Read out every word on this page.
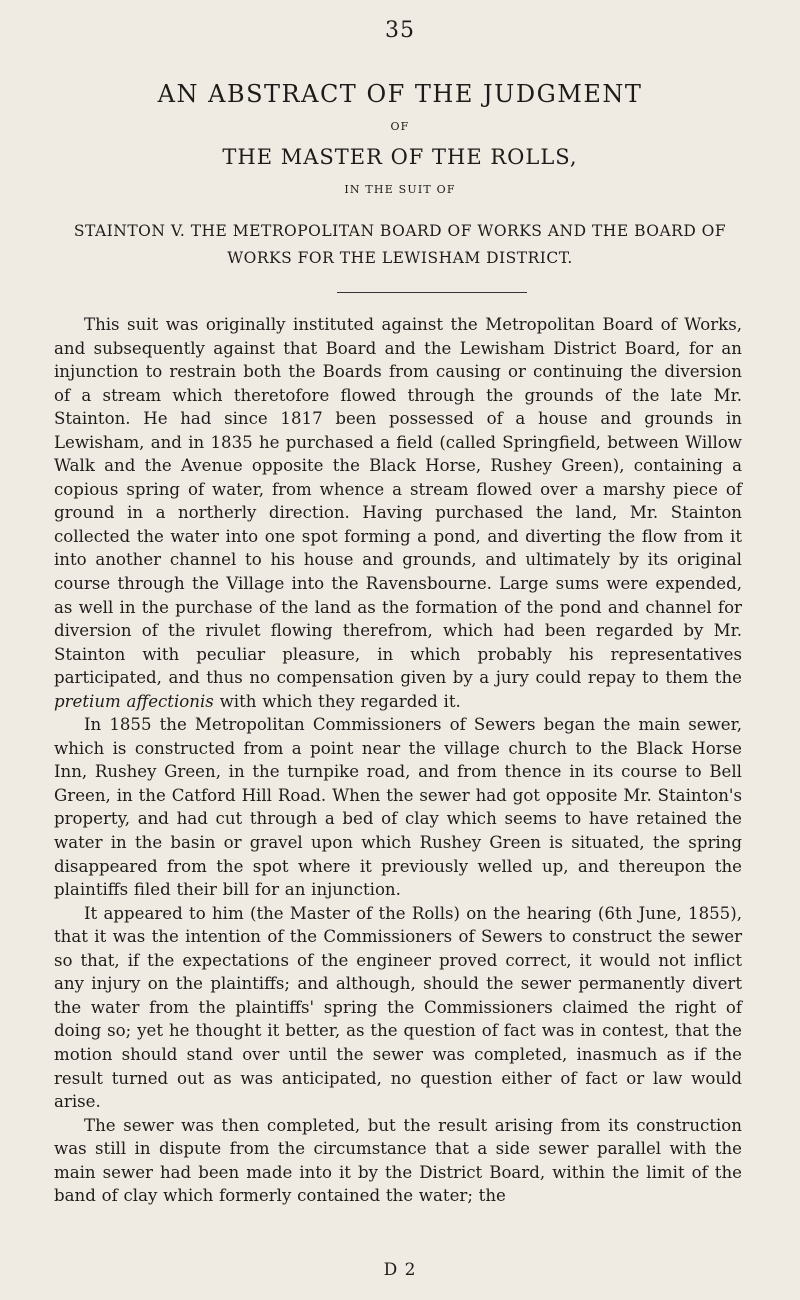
35
AN ABSTRACT OF THE JUDGMENT
OF
THE MASTER OF THE ROLLS,
IN THE SUIT OF
STAINTON V. THE METROPOLITAN BOARD OF WORKS AND THE BOARD OF WORKS FOR THE LEWISHAM DISTRICT.

This suit was originally instituted against the Metropolitan Board of Works, and subsequently against that Board and the Lewisham District Board, for an injunction to restrain both the Boards from causing or continuing the diversion of a stream which theretofore flowed through the grounds of the late Mr. Stainton. He had since 1817 been possessed of a house and grounds in Lewisham, and in 1835 he purchased a field (called Springfield, between Willow Walk and the Avenue opposite the Black Horse, Rushey Green), containing a copious spring of water, from whence a stream flowed over a marshy piece of ground in a northerly direction. Having purchased the land, Mr. Stainton collected the water into one spot forming a pond, and diverting the flow from it into another channel to his house and grounds, and ultimately by its original course through the Village into the Ravensbourne. Large sums were expended, as well in the purchase of the land as the formation of the pond and channel for diversion of the rivulet flowing therefrom, which had been regarded by Mr. Stainton with peculiar pleasure, in which probably his representatives participated, and thus no compensation given by a jury could repay to them the pretium affectionis with which they regarded it.

In 1855 the Metropolitan Commissioners of Sewers began the main sewer, which is constructed from a point near the village church to the Black Horse Inn, Rushey Green, in the turnpike road, and from thence in its course to Bell Green, in the Catford Hill Road. When the sewer had got opposite Mr. Stainton's property, and had cut through a bed of clay which seems to have retained the water in the basin or gravel upon which Rushey Green is situated, the spring disappeared from the spot where it previously welled up, and thereupon the plaintiffs filed their bill for an injunction.

It appeared to him (the Master of the Rolls) on the hearing (6th June, 1855), that it was the intention of the Commissioners of Sewers to construct the sewer so that, if the expectations of the engineer proved correct, it would not inflict any injury on the plaintiffs; and although, should the sewer permanently divert the water from the plaintiffs' spring the Commissioners claimed the right of doing so; yet he thought it better, as the question of fact was in contest, that the motion should stand over until the sewer was completed, inasmuch as if the result turned out as was anticipated, no question either of fact or law would arise.

The sewer was then completed, but the result arising from its construction was still in dispute from the circumstance that a side sewer parallel with the main sewer had been made into it by the District Board, within the limit of the band of clay which formerly contained the water; the

D 2
